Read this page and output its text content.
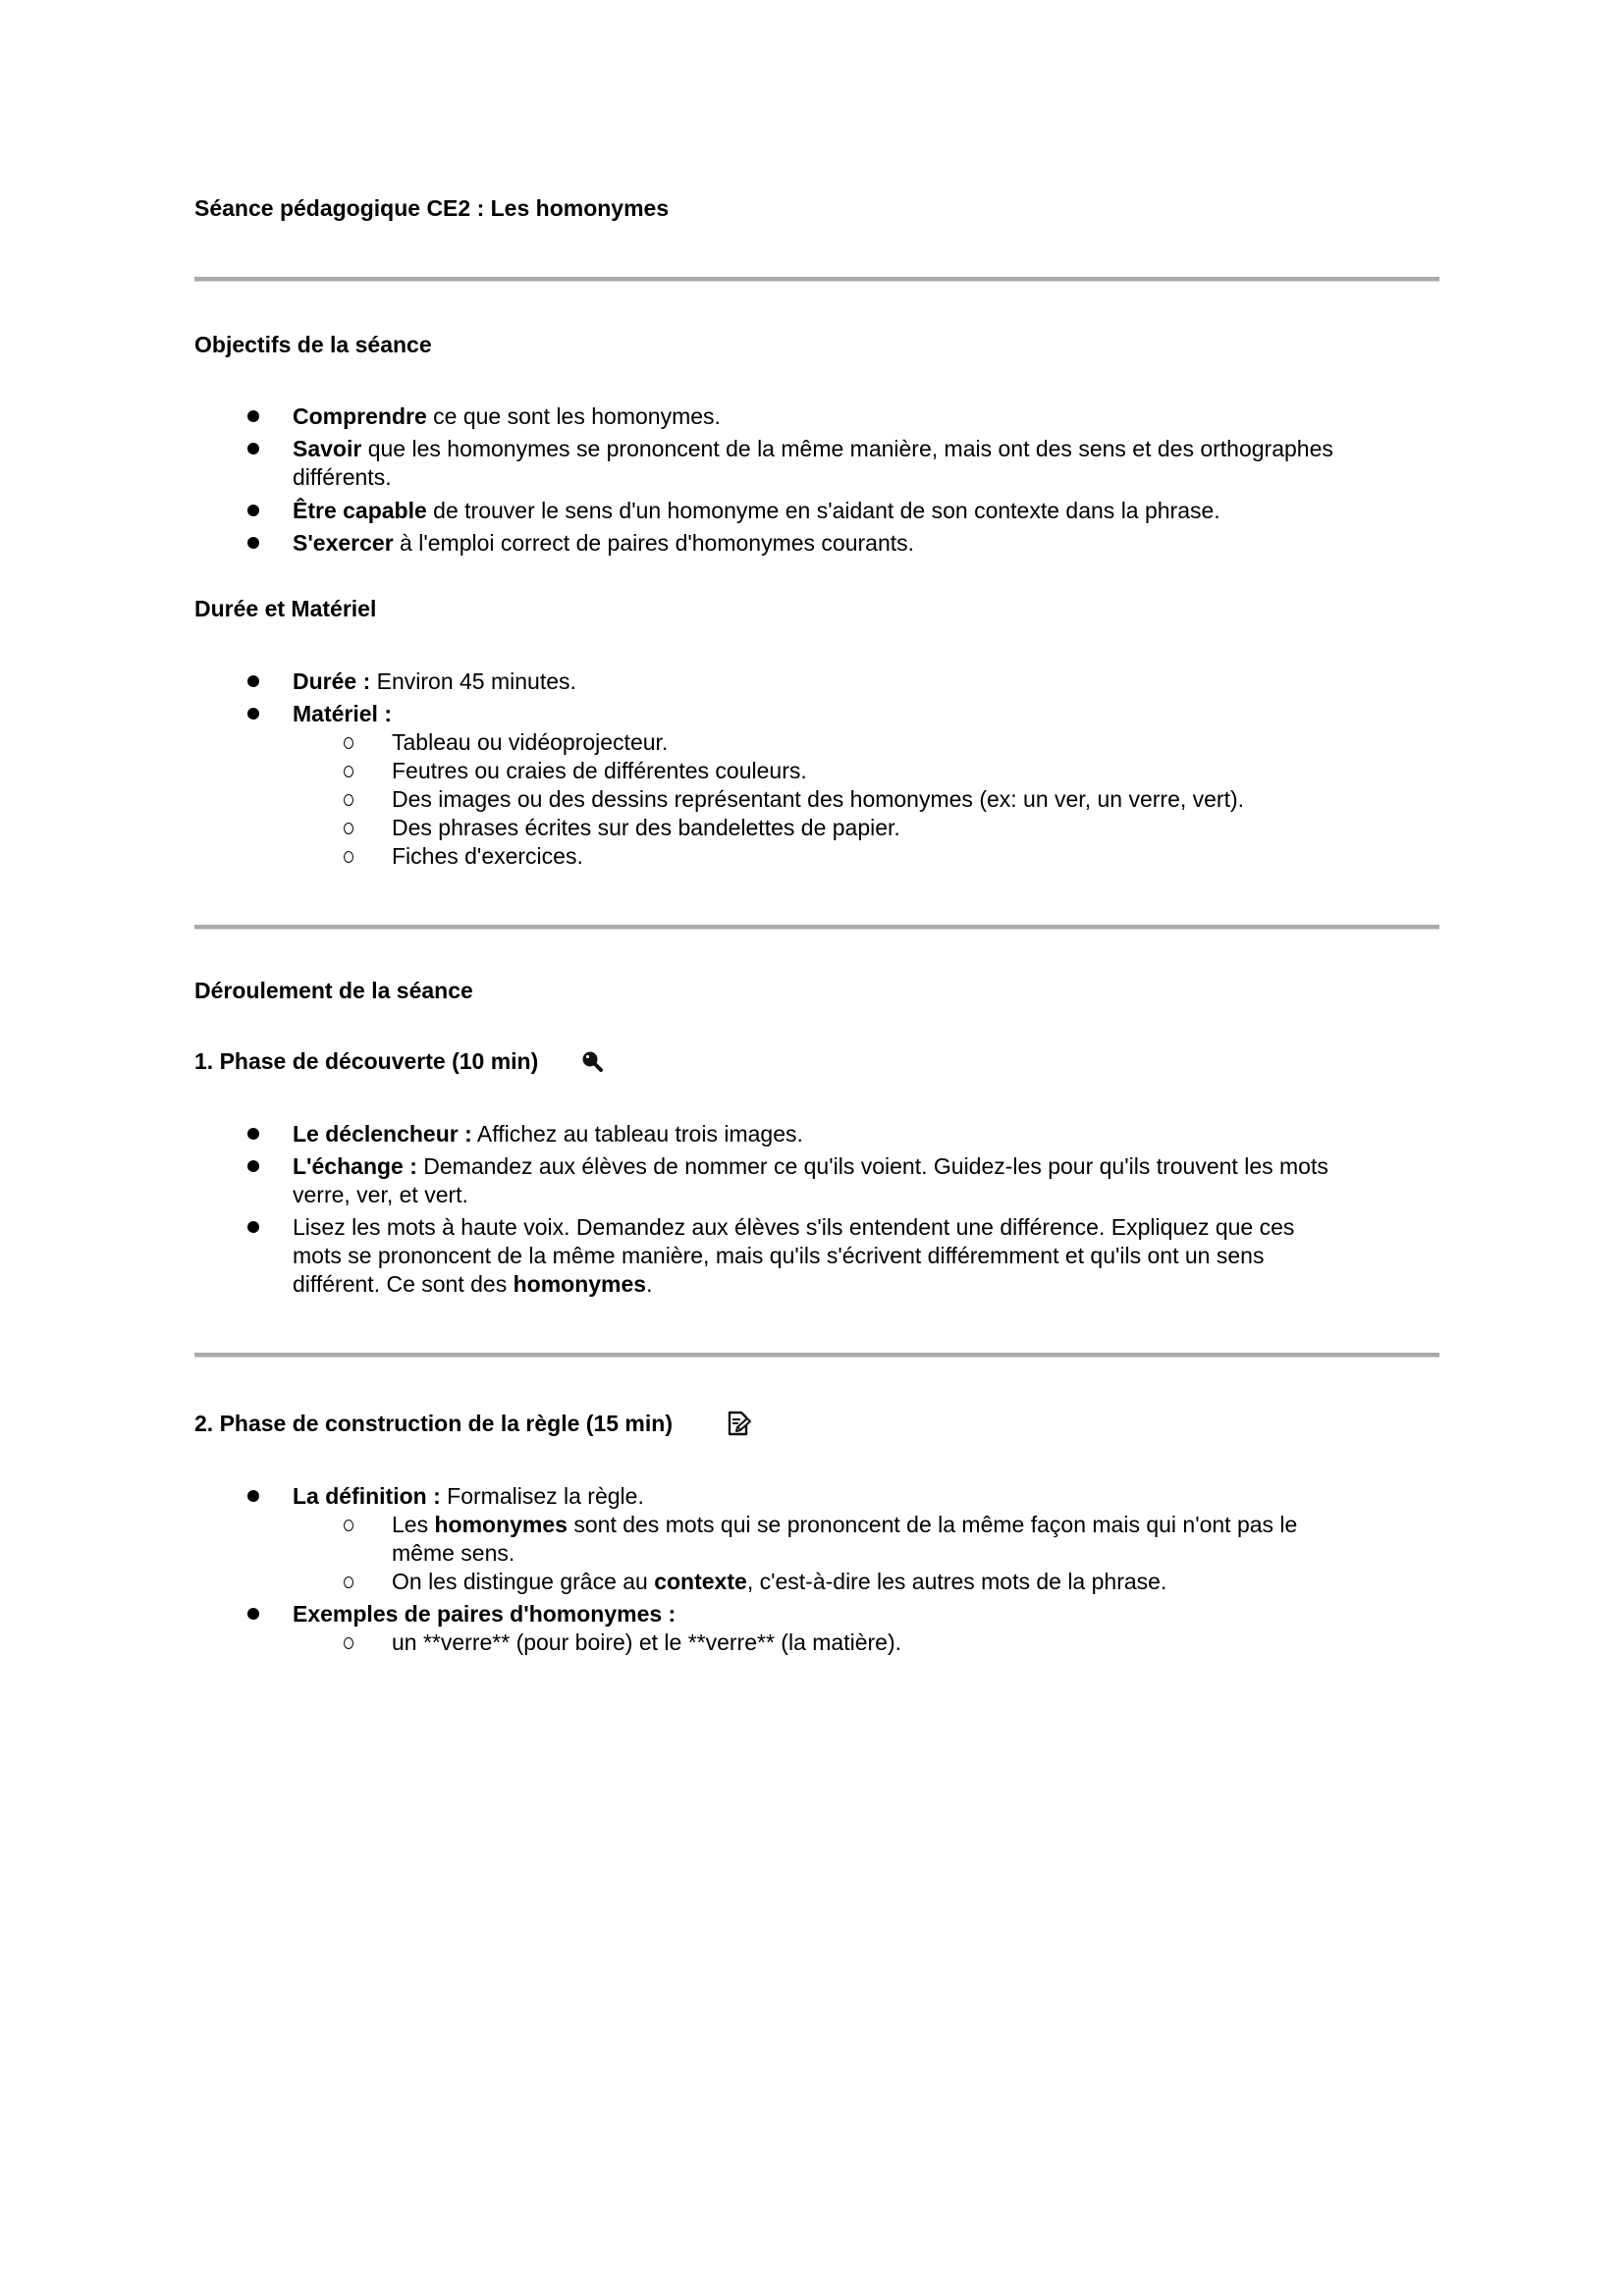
Séance pédagogique CE2 : Les homonymes
Objectifs de la séance
Comprendre ce que sont les homonymes.
Savoir que les homonymes se prononcent de la même manière, mais ont des sens et des orthographes
différents.
Être capable de trouver le sens d'un homonyme en s'aidant de son contexte dans la phrase.
S'exercer à l'emploi correct de paires d'homonymes courants.
Durée et Matériel
Durée : Environ 45 minutes.
Matériel :
Tableau ou vidéoprojecteur.
Feutres ou craies de différentes couleurs.
Des images ou des dessins représentant des homonymes (ex: un ver, un verre, vert).
Des phrases écrites sur des bandelettes de papier.
Fiches d'exercices.
Déroulement de la séance
1. Phase de découverte (10 min)
Le déclencheur : Affichez au tableau trois images.
L'échange : Demandez aux élèves de nommer ce qu'ils voient. Guidez-les pour qu'ils trouvent les mots
verre, ver, et vert.
Lisez les mots à haute voix. Demandez aux élèves s'ils entendent une différence. Expliquez que ces
mots se prononcent de la même manière, mais qu'ils s'écrivent différemment et qu'ils ont un sens
différent. Ce sont des homonymes.
2. Phase de construction de la règle (15 min)
La définition : Formalisez la règle.
Les homonymes sont des mots qui se prononcent de la même façon mais qui n'ont pas le
même sens.
On les distingue grâce au contexte, c'est-à-dire les autres mots de la phrase.
Exemples de paires d'homonymes :
un **verre** (pour boire) et le **verre** (la matière).
